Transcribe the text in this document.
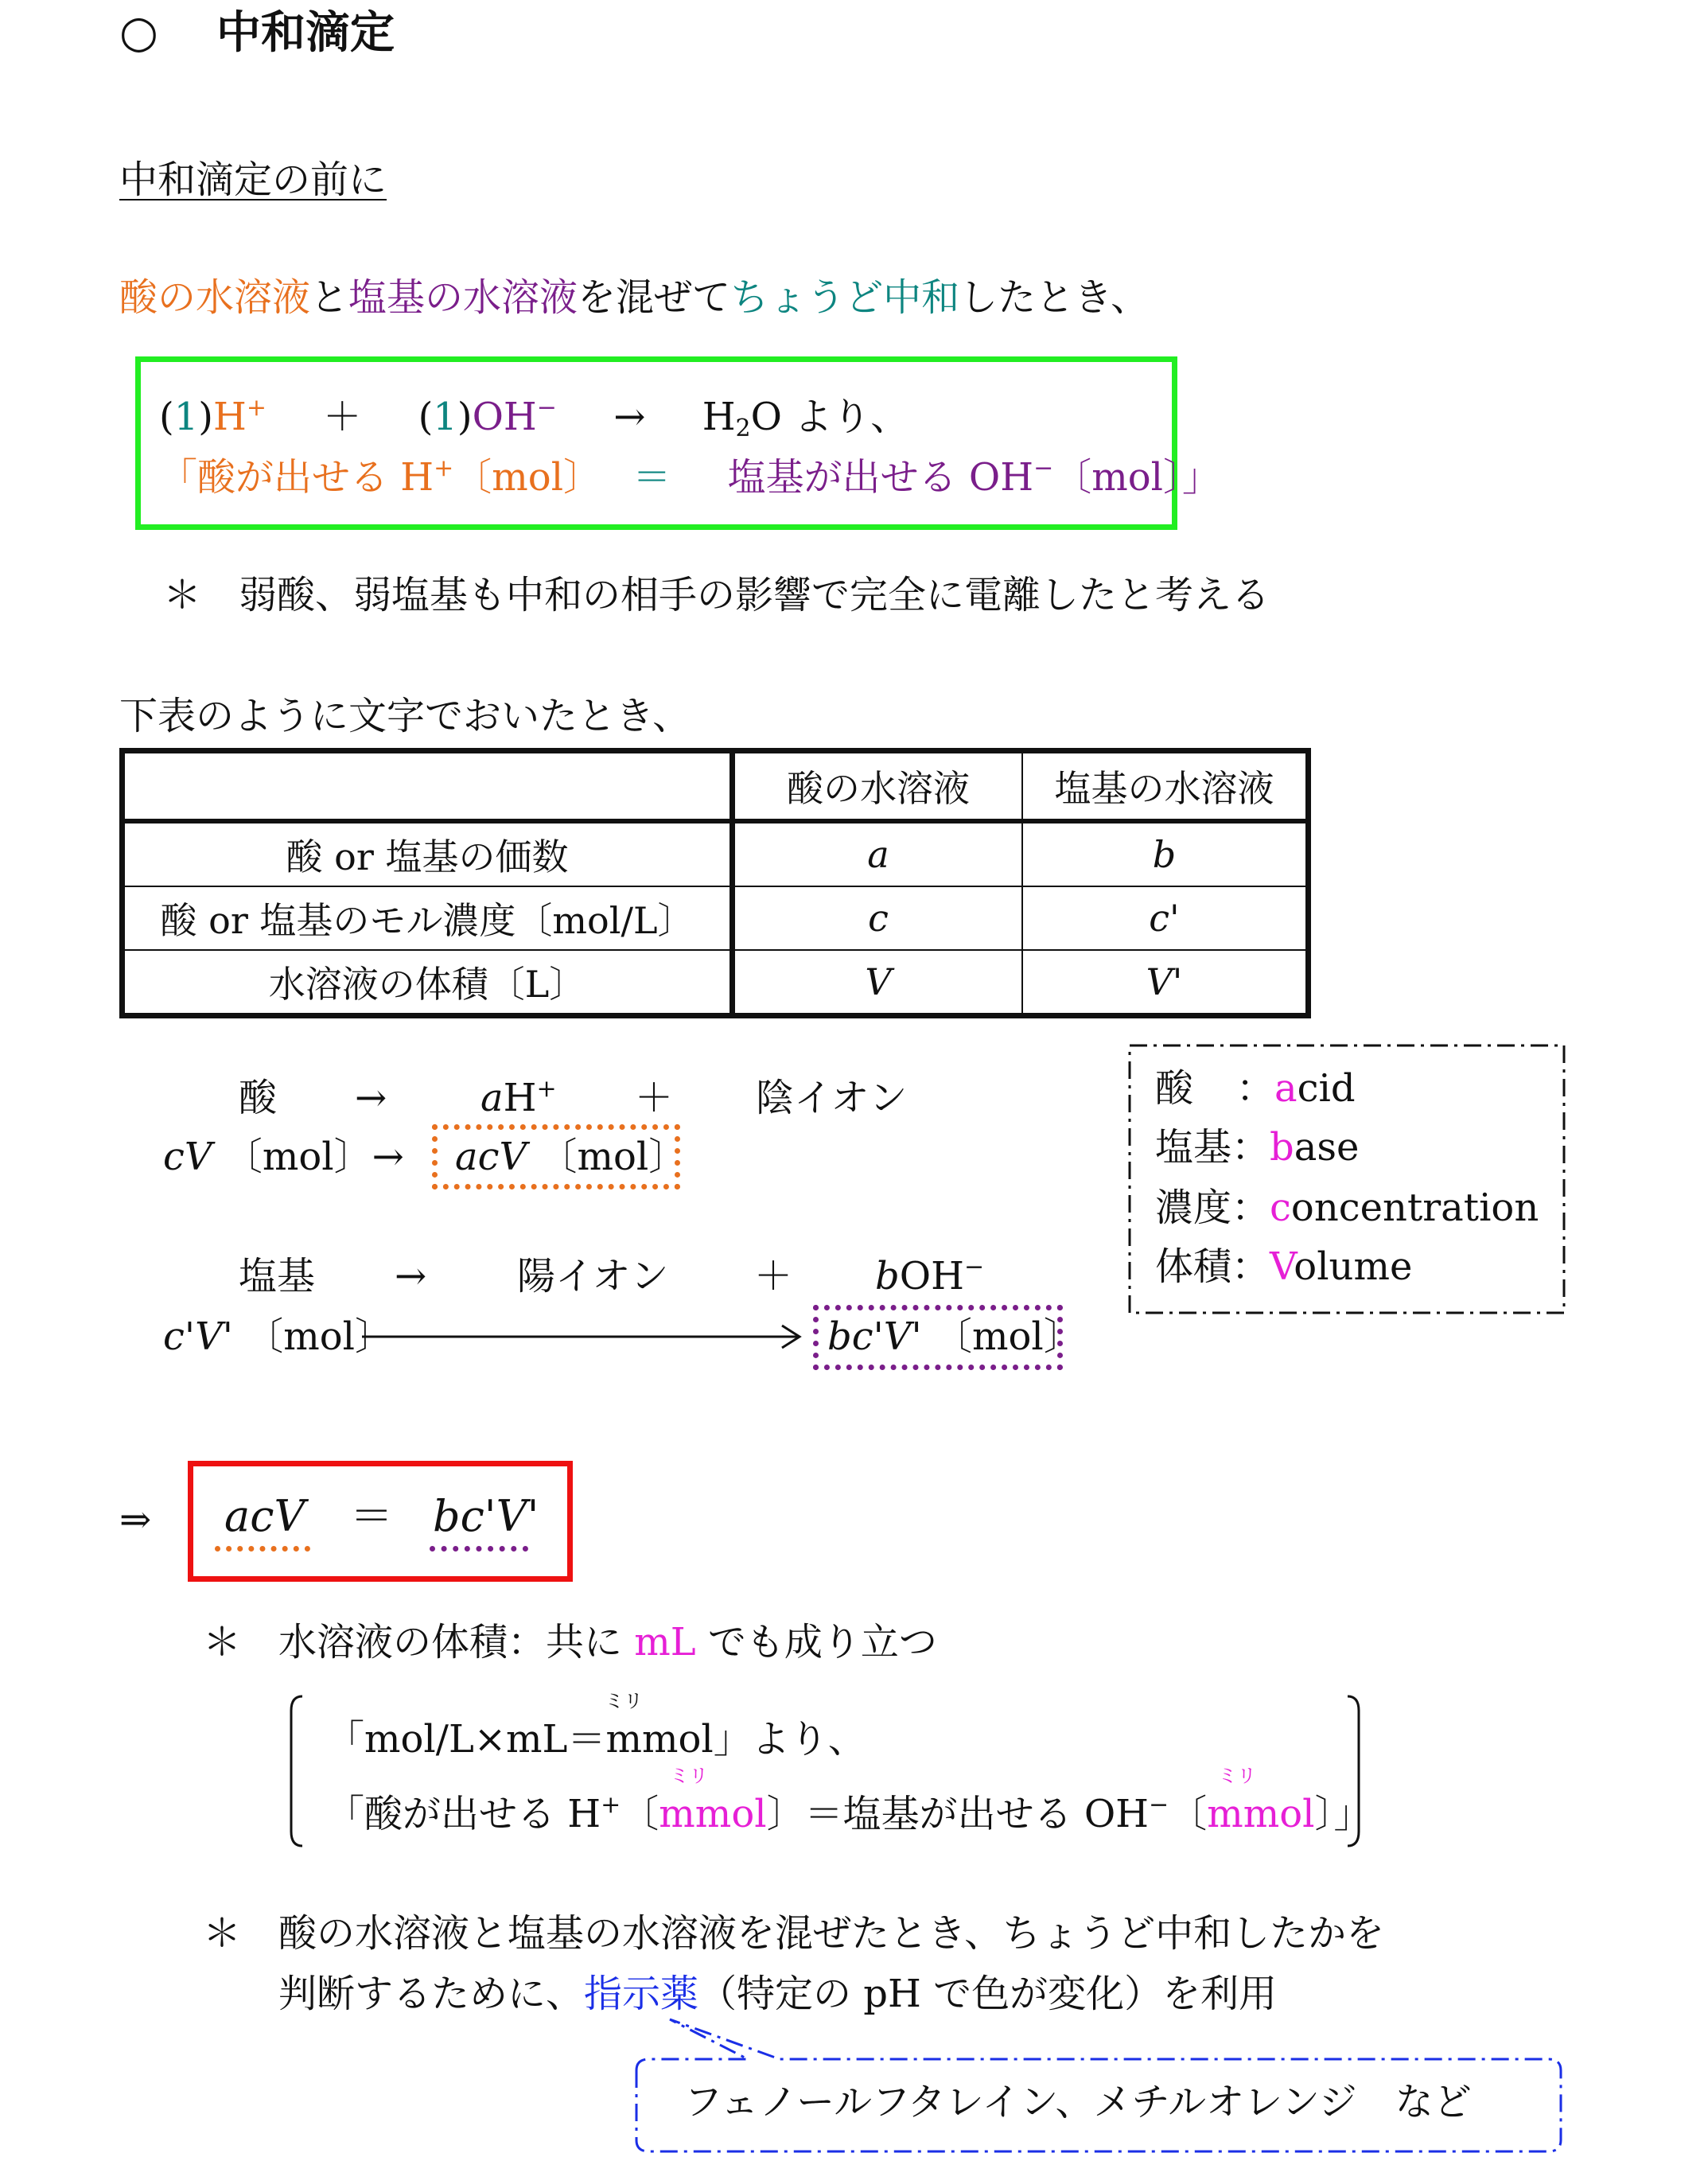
○ 中和滴定
中和滴定の前に
酸の水溶液と塩基の水溶液を混ぜてちょうど中和したとき、
$(1)H^+ + (1)OH^- \to H_2O$ より、
「酸が出せる H+〔mol〕 ＝ 塩基が出せる OH−〔mol〕」
＊ 弱酸、弱塩基も中和の相手の影響で完全に電離したと考える
下表のように文字でおいたとき、
	酸の水溶液	塩基の水溶液
酸 or 塩基の価数	a	b
酸 or 塩基のモル濃度〔mol/L〕	c	c'
水溶液の体積〔L〕	V	V'
酸 → aH+ ＋ 陰イオン
cV 〔mol〕→ acV 〔mol〕
塩基 → 陽イオン ＋ bOH−
c'V' 〔mol〕	bc'V' 〔mol〕
酸 ：acid
塩基：base
濃度：concentration
体積：Volume
⇒ acV ＝ bc'V'
＊ 水溶液の体積：共に mL でも成り立つ
「mol/L×mL＝m
ミリ
mol」より、
「酸が出せる H+〔mmol
ミリ
〕＝塩基が出せる OH−〔mmol
ミリ
〕」
＊ 酸の水溶液と塩基の水溶液を混ぜたとき、ちょうど中和したかを
判断するために、指示薬（特定の pH で色が変化）を利用
フェノールフタレイン、メチルオレンジ　など
